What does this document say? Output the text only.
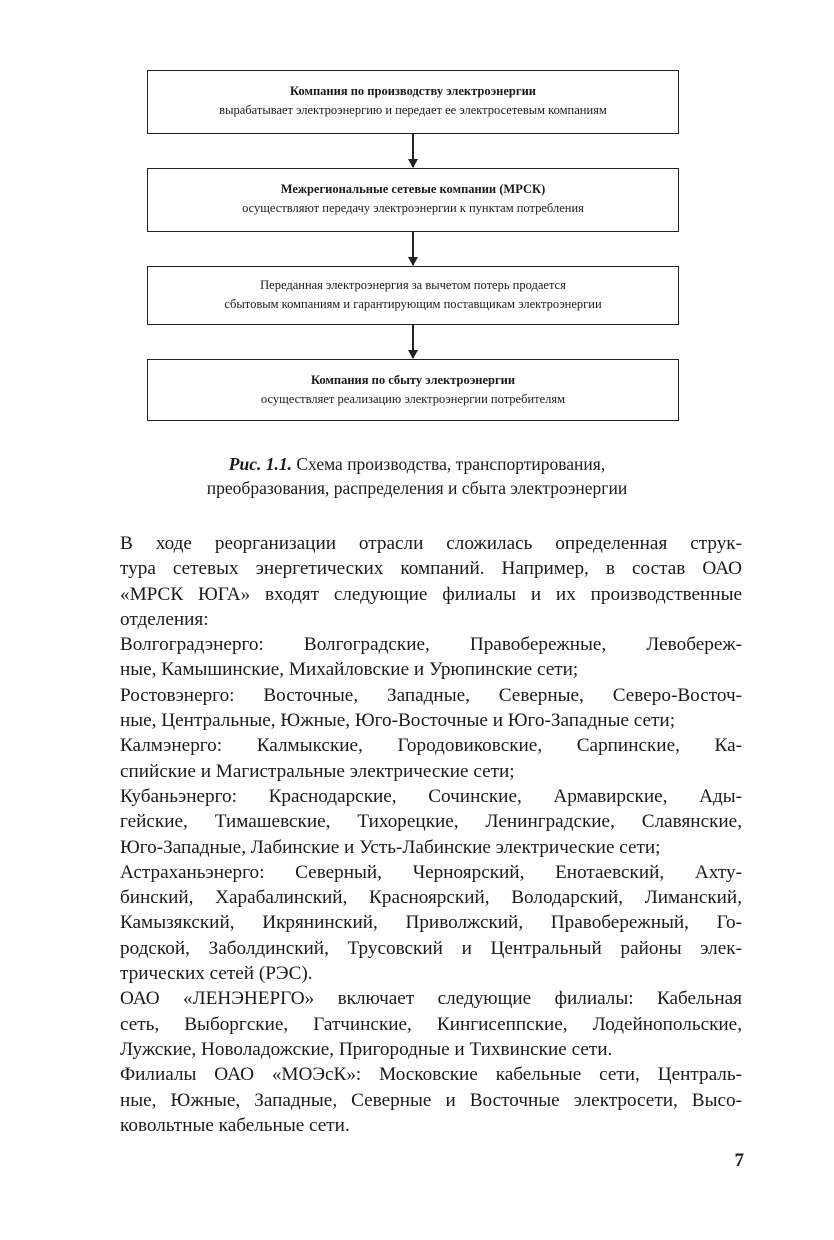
Компания по производству электроэнергии
вырабатывает электроэнергию и передает ее электросетевым компаниям
Межрегиональные сетевые компании (МРСК)
осуществляют передачу электроэнергии к пунктам потребления
Переданная электроэнергия за вычетом потерь продается
сбытовым компаниям и гарантирующим поставщикам электроэнергии
Компания по сбыту электроэнергии
осуществляет реализацию электроэнергии потребителям
Рис. 1.1. Схема производства, транспортирования,
преобразования, распределения и сбыта электроэнергии

В ходе реорганизации отрасли сложилась определенная струк-
тура сетевых энергетических компаний. Например, в состав ОАО
«МРСК ЮГА» входят следующие филиалы и их производственные
отделения:

Волгоградэнерго: Волгоградские, Правобережные, Левобереж-
ные, Камышинские, Михайловские и Урюпинские сети;

Ростовэнерго: Восточные, Западные, Северные, Северо-Восточ-
ные, Центральные, Южные, Юго-Восточные и Юго-Западные сети;

Калмэнерго: Калмыкские, Городовиковские, Сарпинские, Ка-
спийские и Магистральные электрические сети;

Кубаньэнерго: Краснодарские, Сочинские, Армавирские, Ады-
гейские, Тимашевские, Тихорецкие, Ленинградские, Славянские,
Юго-Западные, Лабинские и Усть-Лабинские электрические сети;

Астраханьэнерго: Северный, Черноярский, Енотаевский, Ахту-
бинский, Харабалинский, Красноярский, Володарский, Лиманский,
Камызякский, Икрянинский, Приволжский, Правобережный, Го-
родской, Заболдинский, Трусовский и Центральный районы элек-
трических сетей (РЭС).

ОАО «ЛЕНЭНЕРГО» включает следующие филиалы: Кабельная
сеть, Выборгские, Гатчинские, Кингисеппские, Лодейнопольские,
Лужские, Новоладожские, Пригородные и Тихвинские сети.

Филиалы ОАО «МОЭсК»: Московские кабельные сети, Централь-
ные, Южные, Западные, Северные и Восточные электросети, Высо-
ковольтные кабельные сети.

7
